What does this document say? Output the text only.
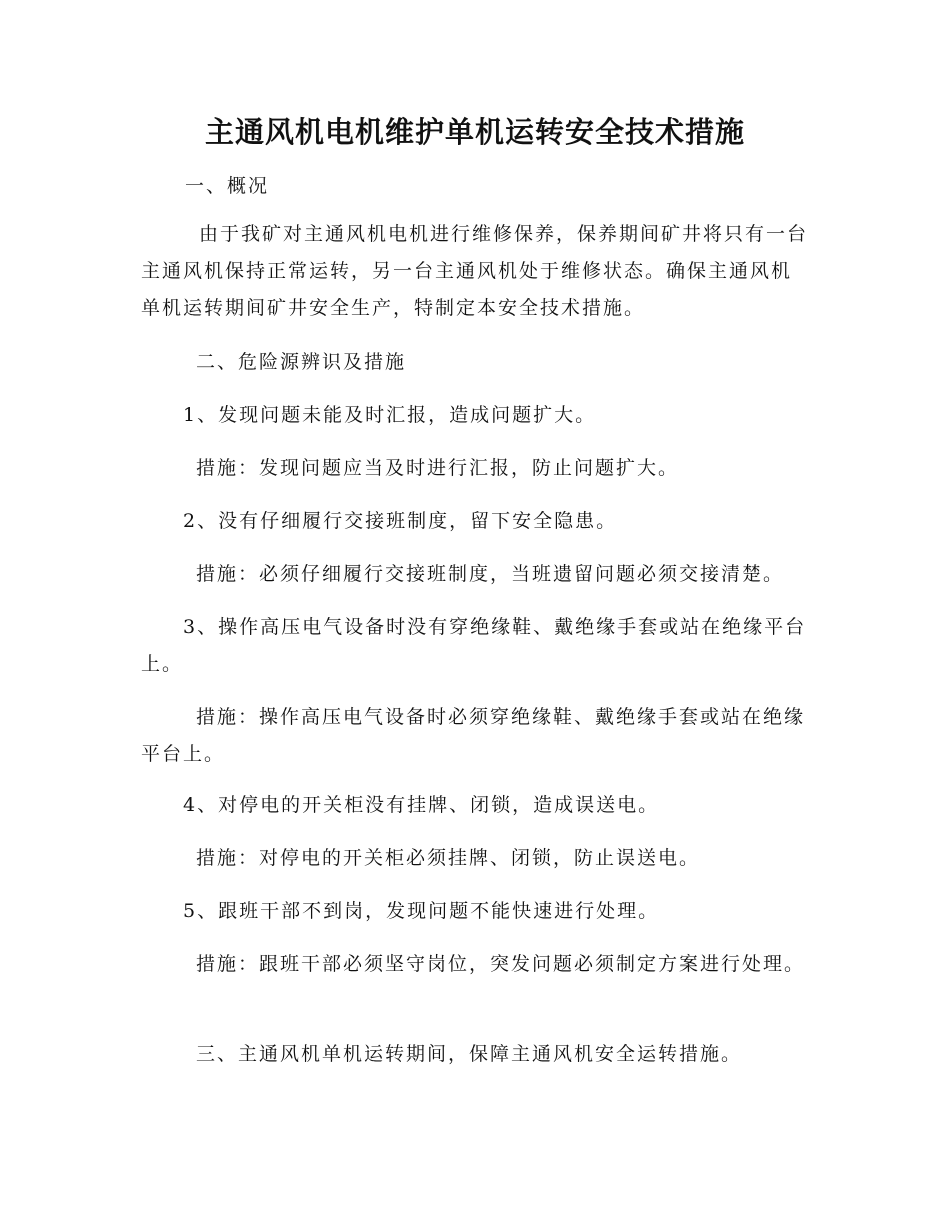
主通风机电机维护单机运转安全技术措施

一、概况

由于我矿对主通风机电机进行维修保养，保养期间矿井将只有一台主通风机保持正常运转，另一台主通风机处于维修状态。确保主通风机单机运转期间矿井安全生产，特制定本安全技术措施。

二、危险源辨识及措施

1、发现问题未能及时汇报，造成问题扩大。

措施：发现问题应当及时进行汇报，防止问题扩大。

2、没有仔细履行交接班制度，留下安全隐患。

措施：必须仔细履行交接班制度，当班遗留问题必须交接清楚。

3、操作高压电气设备时没有穿绝缘鞋、戴绝缘手套或站在绝缘平台上。

措施：操作高压电气设备时必须穿绝缘鞋、戴绝缘手套或站在绝缘平台上。

4、对停电的开关柜没有挂牌、闭锁，造成误送电。

措施：对停电的开关柜必须挂牌、闭锁，防止误送电。

5、跟班干部不到岗，发现问题不能快速进行处理。

措施：跟班干部必须坚守岗位，突发问题必须制定方案进行处理。

三、主通风机单机运转期间，保障主通风机安全运转措施。
